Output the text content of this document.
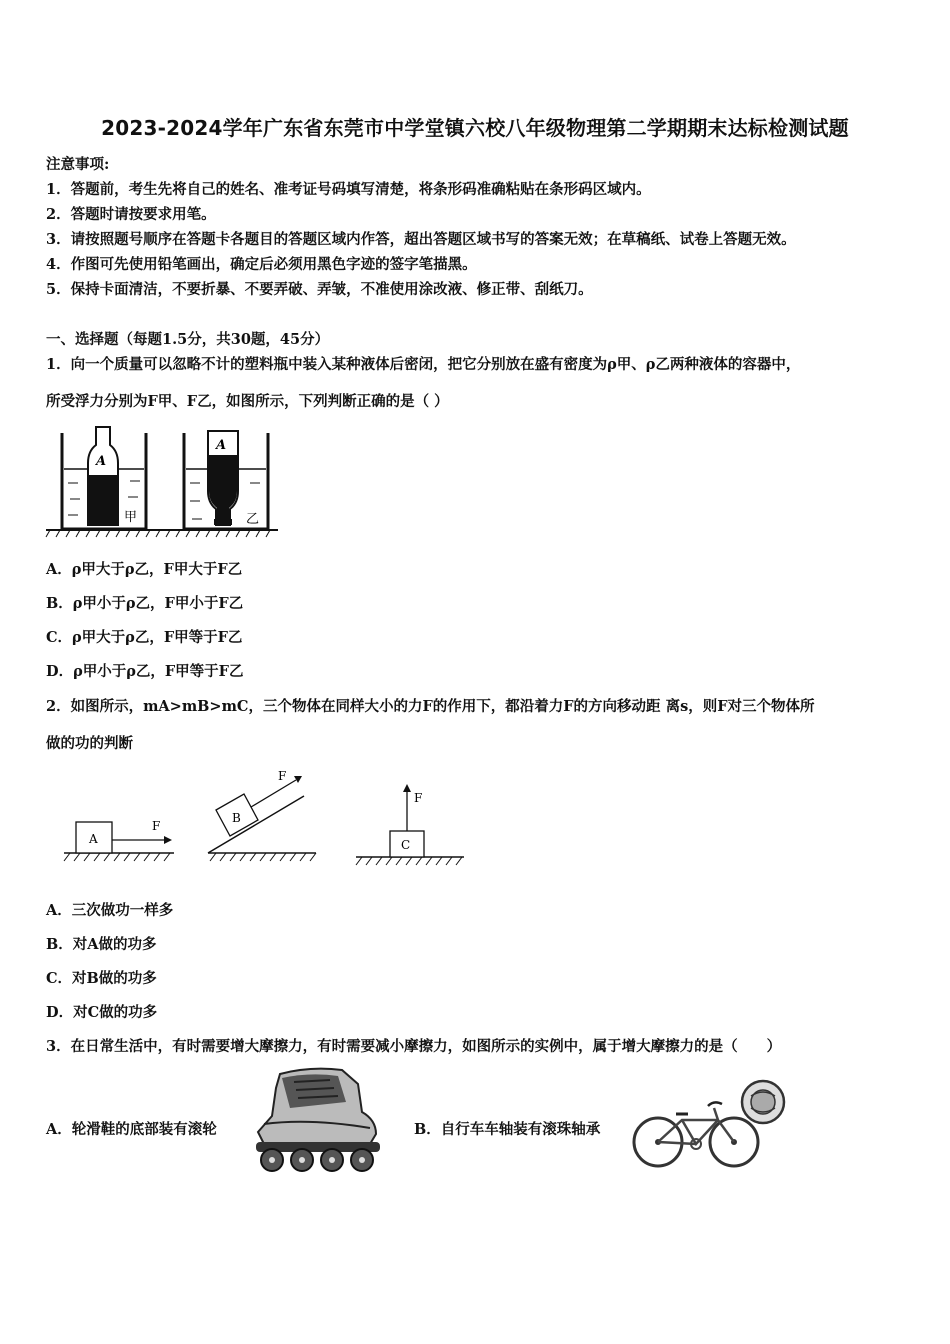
2023-2024学年广东省东莞市中学堂镇六校八年级物理第二学期期末达标检测试题
注意事项:
1．答题前，考生先将自己的姓名、准考证号码填写清楚，将条形码准确粘贴在条形码区域内。
2．答题时请按要求用笔。
3．请按照题号顺序在答题卡各题目的答题区域内作答，超出答题区域书写的答案无效；在草稿纸、试卷上答题无效。
4．作图可先使用铅笔画出，确定后必须用黑色字迹的签字笔描黑。
5．保持卡面清洁，不要折暴、不要弄破、弄皱，不准使用涂改液、修正带、刮纸刀。
一、选择题（每题1.5分，共30题，45分）
1．向一个质量可以忽略不计的塑料瓶中装入某种液体后密闭，把它分别放在盛有密度为ρ甲、ρ乙两种液体的容器中，
所受浮力分别为F甲、F乙，如图所示，下列判断正确的是（ ）
A
甲
A
乙
A．ρ甲大于ρ乙，F甲大于F乙
B．ρ甲小于ρ乙，F甲小于F乙
C．ρ甲大于ρ乙，F甲等于F乙
D．ρ甲小于ρ乙，F甲等于F乙
2．如图所示，mA>mB>mC，三个物体在同样大小的力F的作用下，都沿着力F的方向移动距 离s，则F对三个物体所
做的功的判断
A
F
B
F
C
F
A．三次做功一样多
B．对A做的功多
C．对B做的功多
D．对C做的功多
3．在日常生活中，有时需要增大摩擦力，有时需要减小摩擦力，如图所示的实例中，属于增大摩擦力的是（　　）
A．轮滑鞋的底部装有滚轮	B．自行车车轴装有滚珠轴承
